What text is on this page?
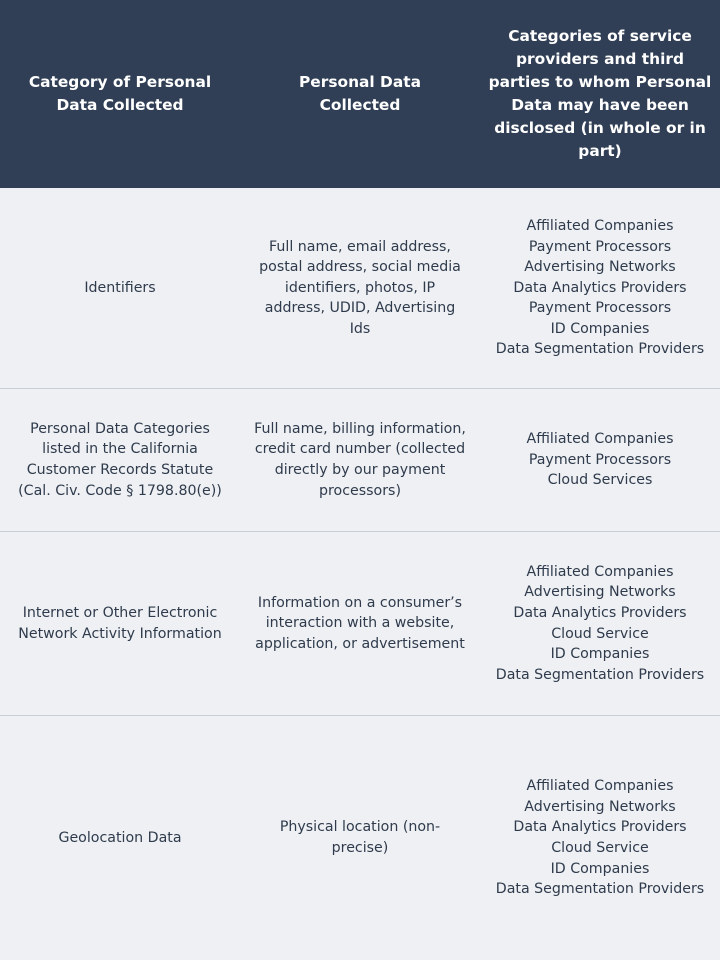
Category of Personal Data Collected
Personal Data Collected
Categories of service providers and third parties to whom Personal Data may have been disclosed (in whole or in part)
Identifiers
Full name, email address, postal address, social media identifiers, photos, IP address, UDID, Advertising Ids
Affiliated Companies
Payment Processors
Advertising Networks
Data Analytics Providers
Payment Processors
ID Companies
Data Segmentation Providers
Personal Data Categories listed in the California Customer Records Statute (Cal. Civ. Code § 1798.80(e))
Full name, billing information, credit card number (collected directly by our payment processors)
Affiliated Companies
Payment Processors
Cloud Services
Internet or Other Electronic Network Activity Information
Information on a consumer’s interaction with a website, application, or advertisement
Affiliated Companies
Advertising Networks
Data Analytics Providers
Cloud Service
ID Companies
Data Segmentation Providers
Geolocation Data
Physical location (non-precise)
Affiliated Companies
Advertising Networks
Data Analytics Providers
Cloud Service
ID Companies
Data Segmentation Providers
